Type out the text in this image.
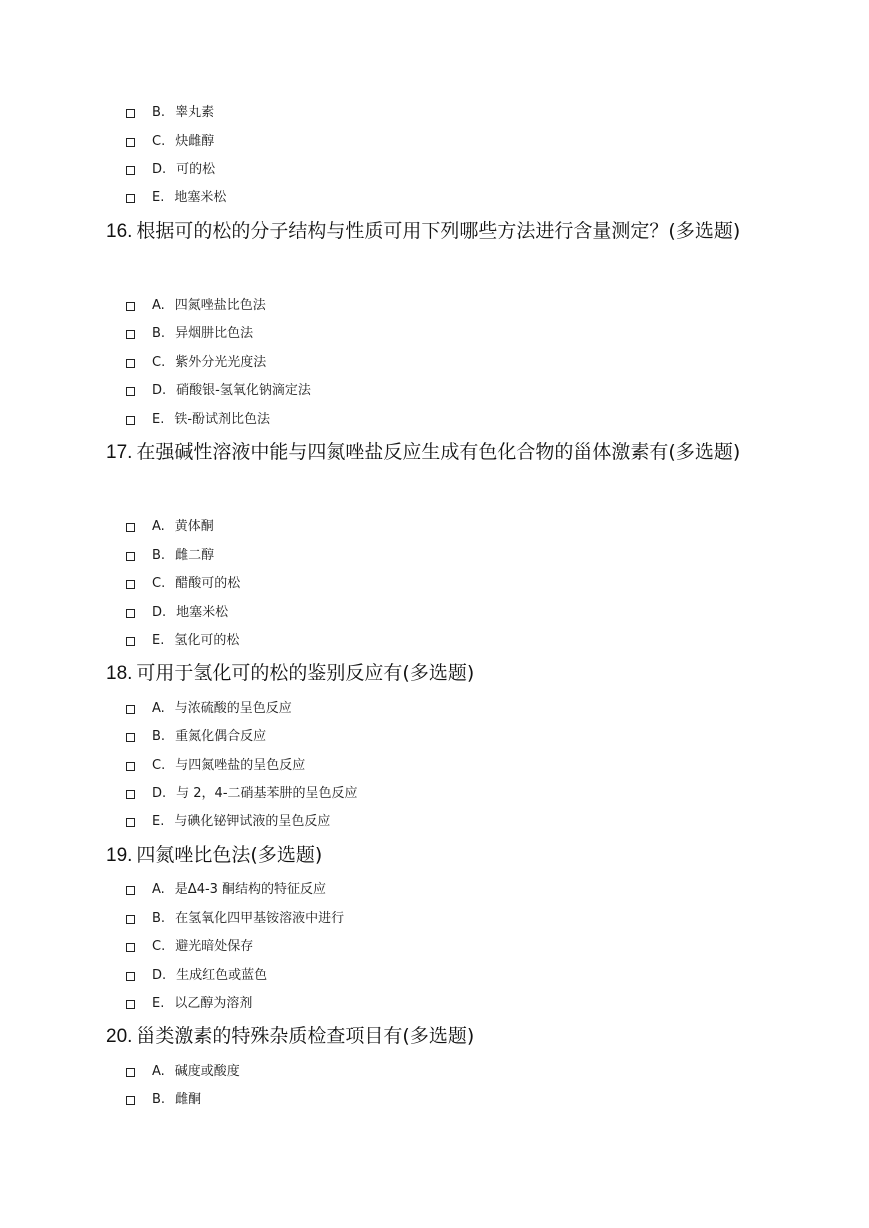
B. 睾丸素
C. 炔雌醇
D. 可的松
E. 地塞米松
16. 根据可的松的分子结构与性质可用下列哪些方法进行含量测定？(多选题)
A. 四氮唑盐比色法
B. 异烟肼比色法
C. 紫外分光光度法
D. 硝酸银-氢氧化钠滴定法
E. 铁-酚试剂比色法
17. 在强碱性溶液中能与四氮唑盐反应生成有色化合物的甾体激素有(多选题)
A. 黄体酮
B. 雌二醇
C. 醋酸可的松
D. 地塞米松
E. 氢化可的松
18. 可用于氢化可的松的鉴别反应有(多选题)
A. 与浓硫酸的呈色反应
B. 重氮化偶合反应
C. 与四氮唑盐的呈色反应
D. 与 2，4-二硝基苯肼的呈色反应
E. 与碘化铋钾试液的呈色反应
19. 四氮唑比色法(多选题)
A. 是Δ4-3 酮结构的特征反应
B. 在氢氧化四甲基铵溶液中进行
C. 避光暗处保存
D. 生成红色或蓝色
E. 以乙醇为溶剂
20. 甾类激素的特殊杂质检查项目有(多选题)
A. 碱度或酸度
B. 雌酮
